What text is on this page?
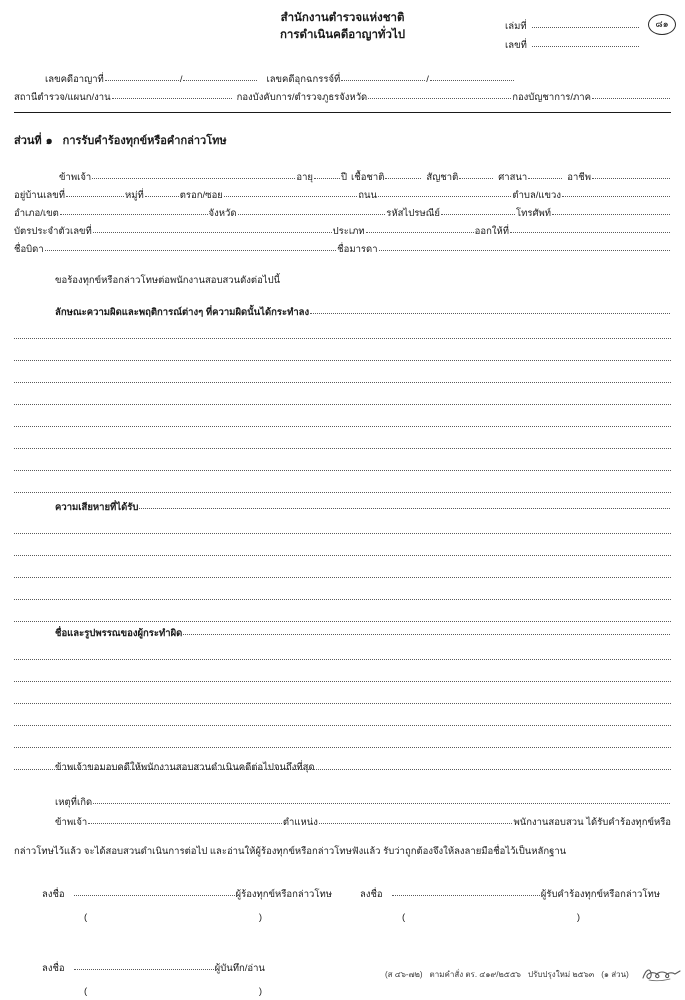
สำนักงานตำรวจแห่งชาติ
การดำเนินคดีอาญาทั่วไป
เล่มที่
เลขที่
๘๑
เลขคดีอาญาที่	/	เลขคดีอุกฉกรรจ์ที่	/
สถานีตำรวจ/แผนก/งาน	กองบังคับการ/ตำรวจภูธรจังหวัด	กองบัญชาการ/ภาค
ส่วนที่ ๑ การรับคำร้องทุกข์หรือคำกล่าวโทษ
ข้าพเจ้า	อายุ	ปี เชื้อชาติ	สัญชาติ	ศาสนา	อาชีพ
อยู่บ้านเลขที่	หมู่ที่	ตรอก/ซอย	ถนน	ตำบล/แขวง
อำเภอ/เขต	จังหวัด	รหัสไปรษณีย์	โทรศัพท์
บัตรประจำตัวเลขที่	ประเภท	ออกให้ที่
ชื่อบิดา	ชื่อมารดา
ขอร้องทุกข์หรือกล่าวโทษต่อพนักงานสอบสวนดังต่อไปนี้
ลักษณะความผิดและพฤติการณ์ต่างๆ ที่ความผิดนั้นได้กระทำลง
ความเสียหายที่ได้รับ
ชื่อและรูปพรรณของผู้กระทำผิด
ข้าพเจ้าขอมอบคดีให้พนักงานสอบสวนดำเนินคดีต่อไปจนถึงที่สุด
เหตุที่เกิด
ข้าพเจ้า	ตำแหน่ง	พนักงานสอบสวน ได้รับคำร้องทุกข์หรือ
กล่าวโทษไว้แล้ว จะได้สอบสวนดำเนินการต่อไป และอ่านให้ผู้ร้องทุกข์หรือกล่าวโทษฟังแล้ว รับว่าถูกต้องจึงให้ลงลายมือชื่อไว้เป็นหลักฐาน
ลงชื่อ	ผู้ร้องทุกข์หรือกล่าวโทษ
(	)
ลงชื่อ	ผู้รับคำร้องทุกข์หรือกล่าวโทษ
(	)
ลงชื่อ	ผู้บันทึก/อ่าน
(	)
(ส ๔๖-๗๒) ตามคำสั่ง ตร. ๔๑๙/๒๕๕๖ ปรับปรุงใหม่ ๒๕๖๓ (๑ ส่วน)
